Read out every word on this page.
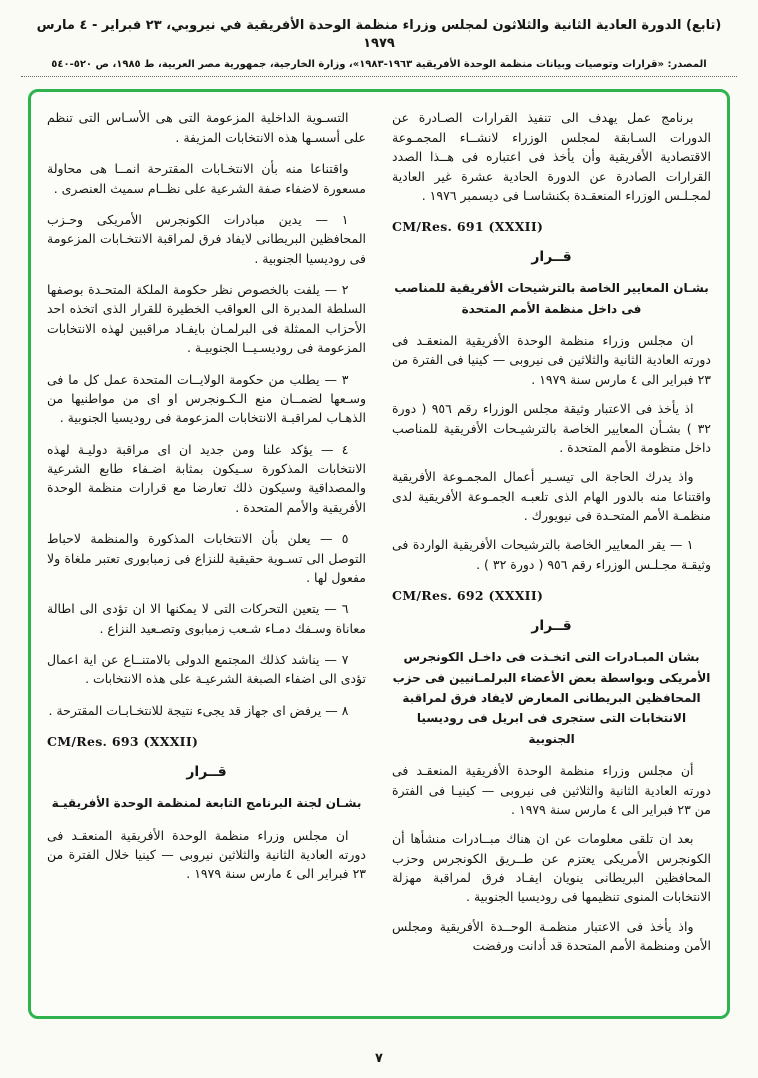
(تابع) الدورة العادية الثانية والثلاثون لمجلس وزراء منظمة الوحدة الأفريقية في نيروبي، ٢٣ فبراير - ٤ مارس ١٩٧٩
المصدر: «قرارات وتوصيات وبيانات منظمة الوحدة الأفريقية ١٩٦٣-١٩٨٣»، وزارة الخارجية، جمهورية مصر العربية، ط ١٩٨٥، ص ٥٢٠-٥٤٠

برنامج عمل يهدف الى تنفيذ القرارات الصـادرة عن الدورات السـابقة لمجلس الوزراء لانشــاء المجمـوعة الاقتصادية الأفريقية وأن يأخذ فى اعتباره فى هــذا الصدد القرارات الصادرة عن الدورة الحادية عشرة غير العادية لمجـلـس الوزراء المنعقـدة بكنشاسـا فى ديسمبر ١٩٧٦ .

CM/Res. 691 (XXXII)
قــرار
بشـان المعايير الخاصة بالترشيحات الأفريقية للمناصب فى داخل منظمة الأمم المتحدة

ان مجلس وزراء منظمة الوحدة الأفريقية المنعقـد فى دورته العادية الثانية والثلاثين فى نيروبى — كينيا فى الفترة من ٢٣ فبراير الى ٤ مارس سنة ١٩٧٩ .

اذ يأخذ فى الاعتبار وثيقة مجلس الوزراء رقم ٩٥٦ ( دورة ٣٢ ) بشـأن المعايير الخاصة بالترشيـحات الأفريقية للمناصب داخل منظومة الأمم المتحدة .

واذ يدرك الحاجة الى تيسـير أعمال المجمـوعة الأفريقية واقتناعا منه بالدور الهام الذى تلعبـه الجمـوعة الأفريقية لدى منظمـة الأمم المتحـدة فى نيويورك .

١ — يقر المعايير الخاصة بالترشيحات الأفريقية الواردة فى وثيقـة مجـلـس الوزراء رقم ٩٥٦ ( دورة ٣٢ ) .

CM/Res. 692 (XXXII)
قــرار
بشان المبـادرات التى اتخـذت فى داخـل الكونجرس الأمريكى وبواسطة بعض الأعضاء البرلمـانيين فى حزب المحافظين البريطانى المعارض لايفاد فرق لمراقبة الانتخابات التى ستجرى فى ابريل فى روديسيا الجنوبية

أن مجلس وزراء منظمة الوحدة الأفريقية المنعقـد فى دورته العادية الثانية والثلاثين فى نيروبى — كينيـا فى الفترة من ٢٣ فبراير الى ٤ مارس سنة ١٩٧٩ .

بعد ان تلقى معلومات عن ان هناك مبــادرات منشأها أن الكونجرس الأمريكى يعتزم عن طــريق الكونجرس وحزب المحافظين البريطانى ينويان ايفـاد فرق لمراقبة مهزلة الانتخابات المنوى تنظيمها فى روديسيا الجنوبية .

واذ يأخذ فى الاعتبار منظمـة الوحــدة الأفريقية ومجلس الأمن ومنظمة الأمم المتحدة قد أدانت ورفضت

التسـوية الداخلية المزعومة التى هى الأسـاس التى تنظم على أسسـها هذه الانتخابات المزيفة .

واقتناعا منه بأن الانتخـابات المقترحة انمــا هى محاولة مسعورة لاضفاء صفة الشرعية على نظــام سميث العنصرى .

١ — يدين مبادرات الكونجرس الأمريكى وحـزب المحافظين البريطانى لايفاد فرق لمراقبة الانتخـابات المزعومة فى روديسيا الجنوبية .

٢ — يلفت بالخصوص نظر حكومة الملكة المتحـدة بوصفها السلطة المدبرة الى العواقب الخطيرة للقرار الذى اتخذه احد الأحزاب الممثلة فى البرلمـان بايفـاد مراقبين لهذه الانتخابات المزعومة فى روديسـيــا الجنوبيـة .

٣ — يطلب من حكومة الولايــات المتحدة عمل كل ما فى وسـعها لضمــان منع الـكـونجرس او اى من مواطنيها من الذهـاب لمراقبـة الانتخابات المزعومة فى روديسيا الجنوبية .

٤ — يؤكد علنا ومن جديد ان اى مراقبة دوليـة لهذه الانتخابات المذكورة سـيكون بمثابة اضـفاء طابع الشرعية والمصداقية وسيكون ذلك تعارضا مع قرارات منظمة الوحدة الأفريقية والأمم المتحدة .

٥ — يعلن بأن الانتخابات المذكورة والمنظمة لاحباط التوصل الى تسـوية حقيقية للنزاع فى زمبابورى تعتبر ملغاة ولا مفعول لها .

٦ — يتعين التحركات التى لا يمكنها الا ان تؤدى الى اطالة معاناة وسـفك دمـاء شـعب زمبابوى وتصـعيد النزاع .

٧ — يناشد كذلك المجتمع الدولى بالامتنــاع عن اية اعمال تؤدى الى اضفاء الصبغة الشرعيـة على هذه الانتخابات .

٨ — يرفض اى جهاز قد يجىء نتيجة للانتخـابـات المقترحة .

CM/Res. 693 (XXXII)
قــرار
بشـان لجنة البرنامج التابعة لمنظمة الوحدة الأفريقيـة

ان مجلس وزراء منظمة الوحدة الأفريقية المنعقـد فى دورته العادية الثانية والثلاثين نيروبى — كينيا خلال الفترة من ٢٣ فبراير الى ٤ مارس سنة ١٩٧٩ .

٧
